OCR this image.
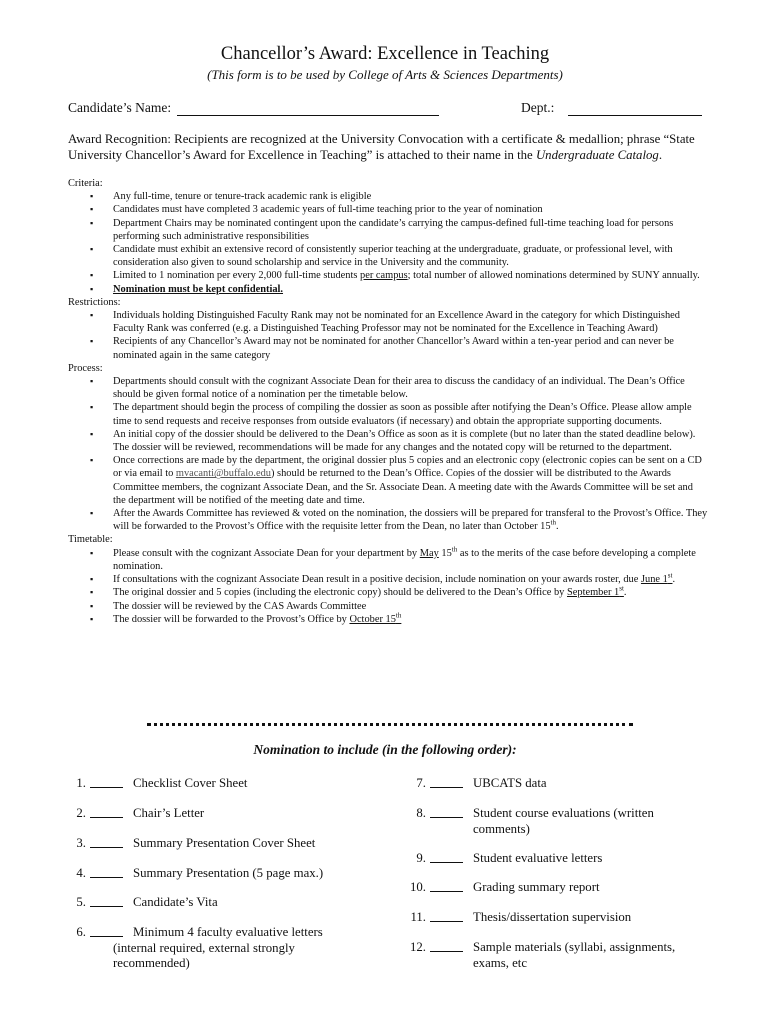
Chancellor’s Award: Excellence in Teaching
(This form is to be used by College of Arts & Sciences Departments)
Candidate’s Name:	Dept.:
Award Recognition: Recipients are recognized at the University Convocation with a certificate & medallion; phrase “State University Chancellor’s Award for Excellence in Teaching” is attached to their name in the Undergraduate Catalog.
Criteria:
▪ Any full-time, tenure or tenure-track academic rank is eligible
▪ Candidates must have completed 3 academic years of full-time teaching prior to the year of nomination
▪ Department Chairs may be nominated contingent upon the candidate’s carrying the campus-defined full-time teaching load for persons performing such administrative responsibilities
▪ Candidate must exhibit an extensive record of consistently superior teaching at the undergraduate, graduate, or professional level, with consideration also given to sound scholarship and service in the University and the community.
▪ Limited to 1 nomination per every 2,000 full-time students per campus; total number of allowed nominations determined by SUNY annually.
▪ Nomination must be kept confidential.
Restrictions:
▪ Individuals holding Distinguished Faculty Rank may not be nominated for an Excellence Award in the category for which Distinguished Faculty Rank was conferred (e.g. a Distinguished Teaching Professor may not be nominated for the Excellence in Teaching Award)
▪ Recipients of any Chancellor’s Award may not be nominated for another Chancellor’s Award within a ten-year period and can never be nominated again in the same category
Process:
▪ Departments should consult with the cognizant Associate Dean for their area to discuss the candidacy of an individual. The Dean’s Office should be given formal notice of a nomination per the timetable below.
▪ The department should begin the process of compiling the dossier as soon as possible after notifying the Dean’s Office. Please allow ample time to send requests and receive responses from outside evaluators (if necessary) and obtain the appropriate supporting documents.
▪ An initial copy of the dossier should be delivered to the Dean’s Office as soon as it is complete (but no later than the stated deadline below). The dossier will be reviewed, recommendations will be made for any changes and the notated copy will be returned to the department.
▪ Once corrections are made by the department, the original dossier plus 5 copies and an electronic copy (electronic copies can be sent on a CD or via email to mvacanti@buffalo.edu) should be returned to the Dean’s Office. Copies of the dossier will be distributed to the Awards Committee members, the cognizant Associate Dean, and the Sr. Associate Dean. A meeting date with the Awards Committee will be set and the department will be notified of the meeting date and time.
▪ After the Awards Committee has reviewed & voted on the nomination, the dossiers will be prepared for transferal to the Provost’s Office. They will be forwarded to the Provost’s Office with the requisite letter from the Dean, no later than October 15th.
Timetable:
▪ Please consult with the cognizant Associate Dean for your department by May 15th as to the merits of the case before developing a complete nomination.
▪ If consultations with the cognizant Associate Dean result in a positive decision, include nomination on your awards roster, due June 1st.
▪ The original dossier and 5 copies (including the electronic copy) should be delivered to the Dean’s Office by September 1st.
▪ The dossier will be reviewed by the CAS Awards Committee
▪ The dossier will be forwarded to the Provost’s Office by October 15th
Nomination to include (in the following order):
1.	Checklist Cover Sheet
2.	Chair’s Letter
3.	Summary Presentation Cover Sheet
4.	Summary Presentation (5 page max.)
5.	Candidate’s Vita
6.	Minimum 4 faculty evaluative letters
(internal required, external strongly
recommended)
7.	UBCATS data
8.	Student course evaluations (written
comments)
9.	Student evaluative letters
10.	Grading summary report
11.	Thesis/dissertation supervision
12.	Sample materials (syllabi, assignments,
exams, etc
